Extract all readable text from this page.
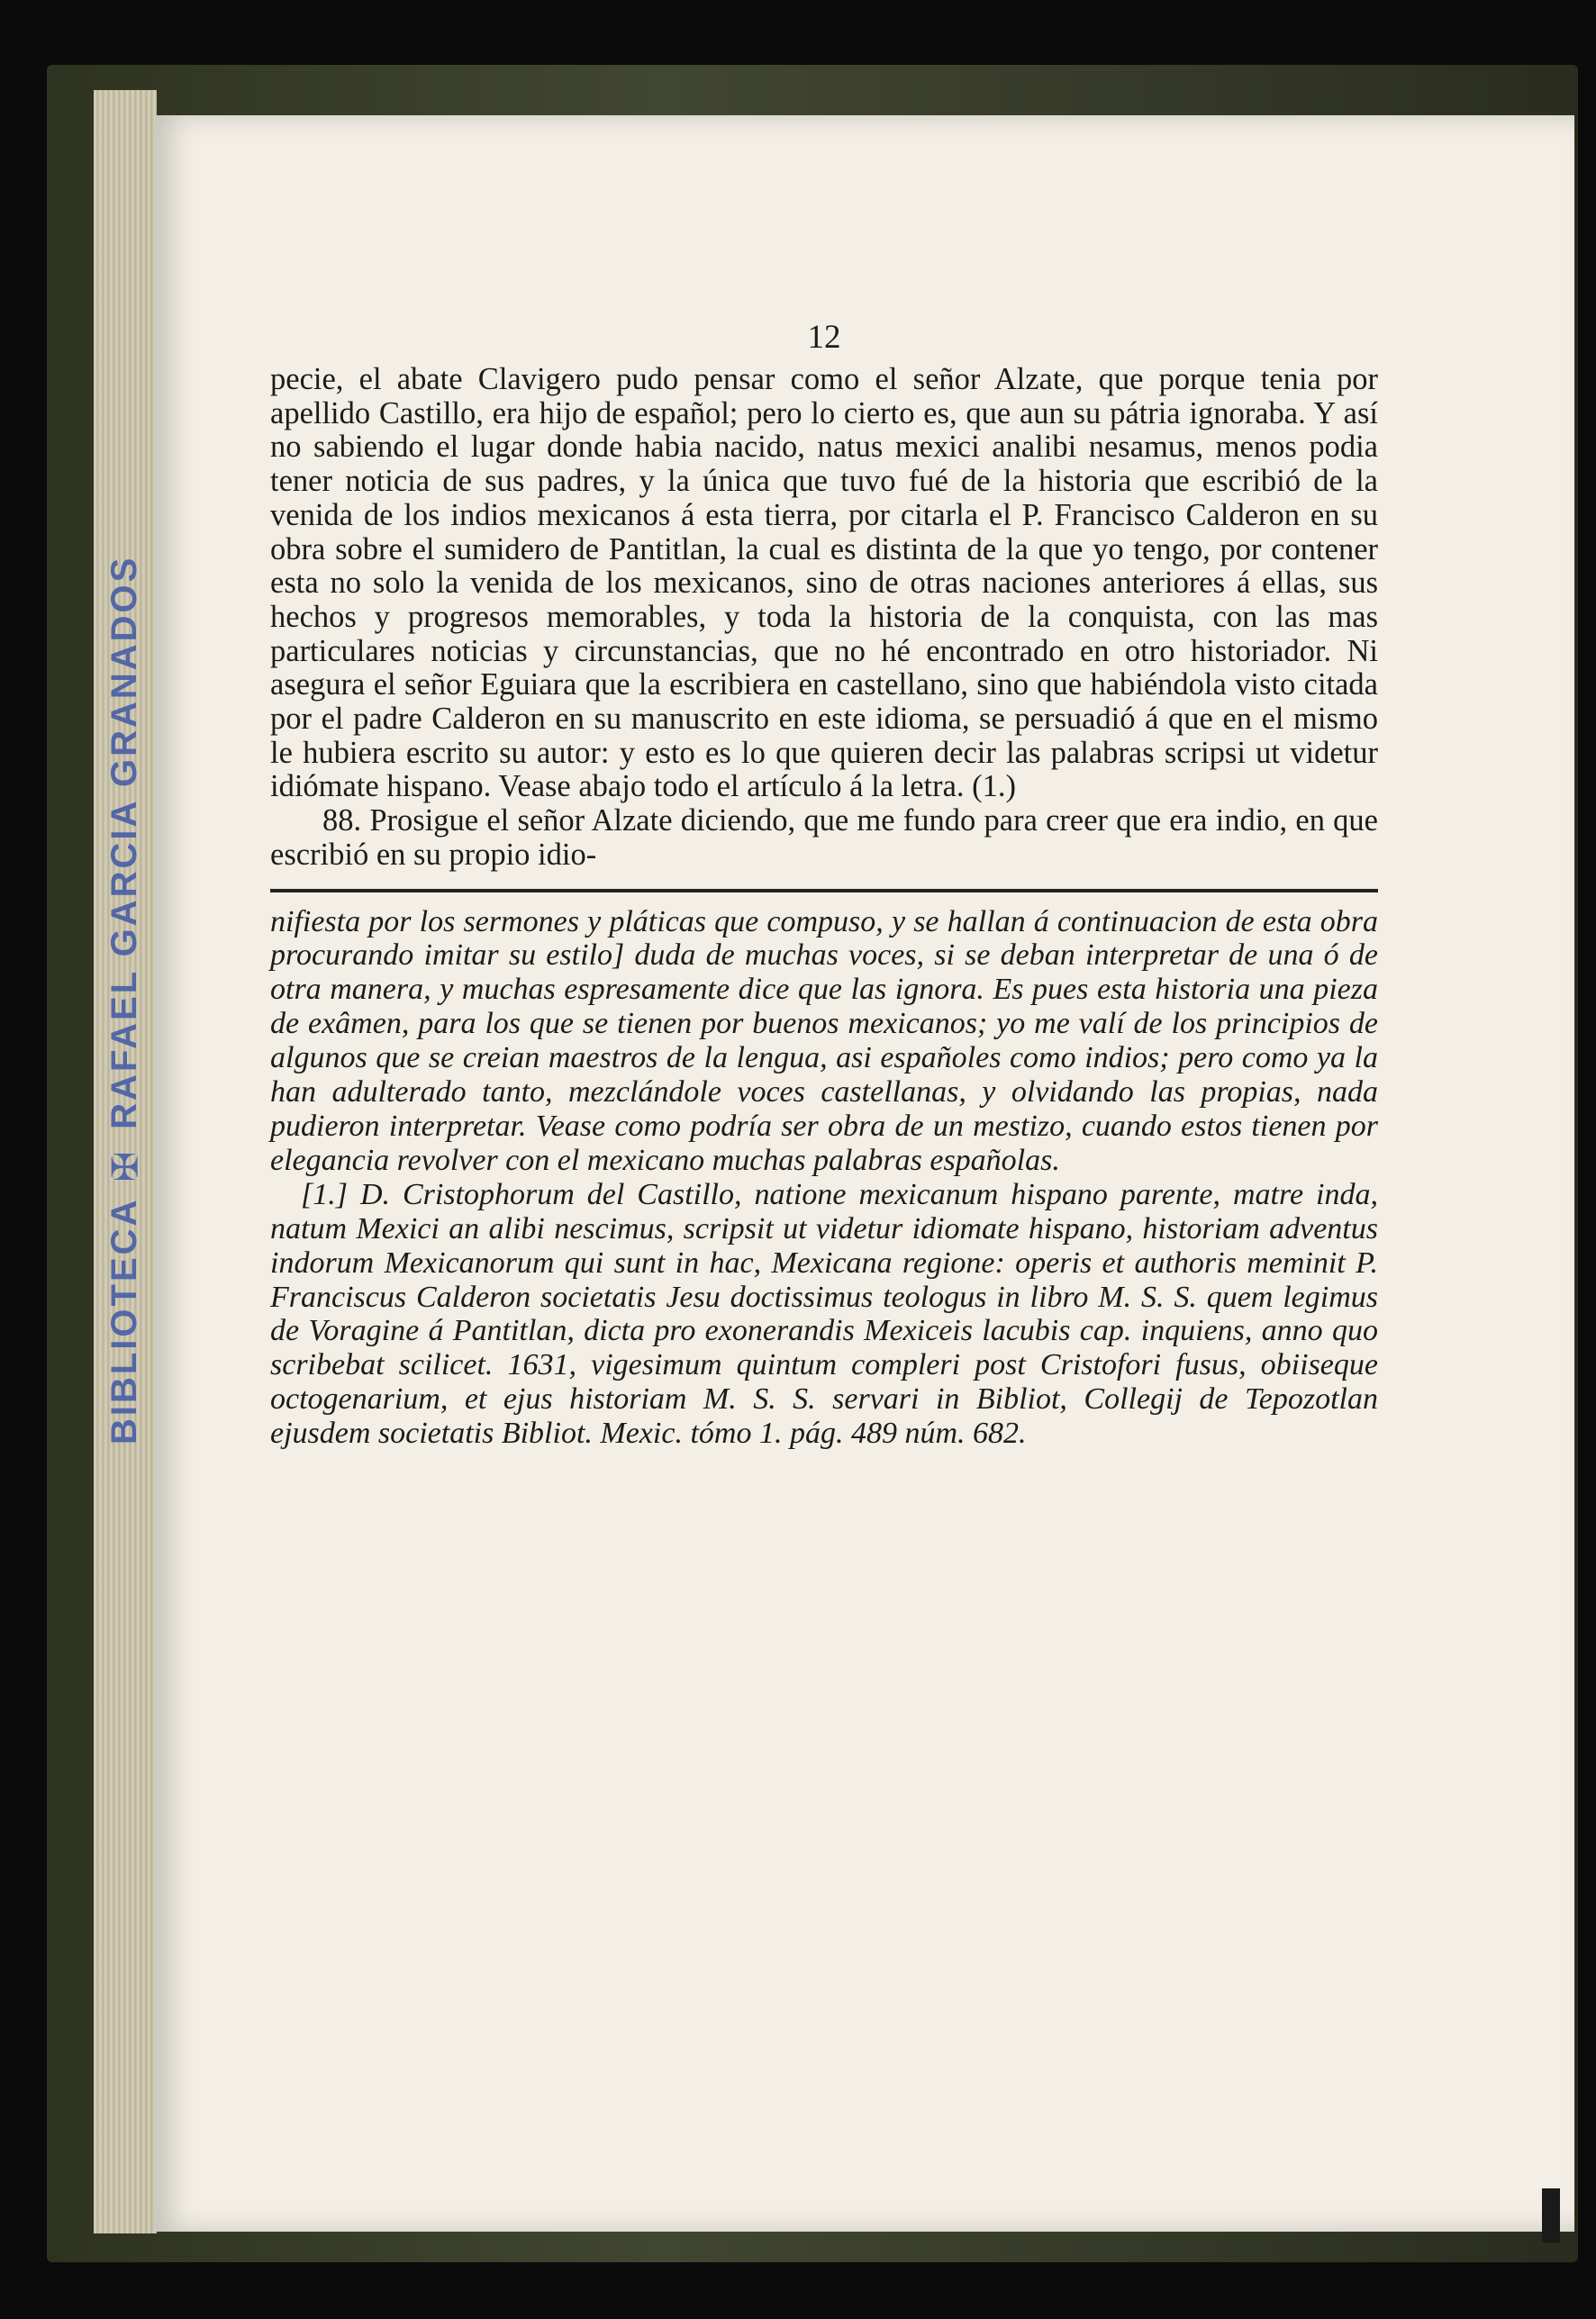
BIBLIOTECA ✠ RAFAEL GARCIA GRANADOS
12

pecie, el abate Clavigero pudo pensar como el señor Alzate, que porque tenia por apellido Castillo, era hijo de español; pero lo cierto es, que aun su pátria ignoraba. Y así no sabiendo el lugar donde habia nacido, natus mexici analibi nesamus, menos podia tener noticia de sus padres, y la única que tuvo fué de la historia que escribió de la venida de los indios mexicanos á esta tierra, por citarla el P. Francisco Calderon en su obra sobre el sumidero de Pantitlan, la cual es distinta de la que yo tengo, por contener esta no solo la venida de los mexicanos, sino de otras naciones anteriores á ellas, sus hechos y progresos memorables, y toda la historia de la conquista, con las mas particulares noticias y circunstancias, que no hé encontrado en otro historiador. Ni asegura el señor Eguiara que la escribiera en castellano, sino que habiéndola visto citada por el padre Calderon en su manuscrito en este idioma, se persuadió á que en el mismo le hubiera escrito su autor: y esto es lo que quieren decir las palabras scripsi ut videtur idiómate hispano. Vease abajo todo el artículo á la letra. (1.)

88. Prosigue el señor Alzate diciendo, que me fundo para creer que era indio, en que escribió en su propio idio-

nifiesta por los sermones y pláticas que compuso, y se hallan á continuacion de esta obra procurando imitar su estilo] duda de muchas voces, si se deban interpretar de una ó de otra manera, y muchas espresamente dice que las ignora. Es pues esta historia una pieza de exâmen, para los que se tienen por buenos mexicanos; yo me valí de los principios de algunos que se creian maestros de la lengua, asi españoles como indios; pero como ya la han adulterado tanto, mezclándole voces castellanas, y olvidando las propias, nada pudieron interpretar. Vease como podría ser obra de un mestizo, cuando estos tienen por elegancia revolver con el mexicano muchas palabras españolas.

[1.] D. Cristophorum del Castillo, natione mexicanum hispano parente, matre inda, natum Mexici an alibi nescimus, scripsit ut videtur idiomate hispano, historiam adventus indorum Mexicanorum qui sunt in hac, Mexicana regione: operis et authoris meminit P. Franciscus Calderon societatis Jesu doctissimus teologus in libro M. S. S. quem legimus de Voragine á Pantitlan, dicta pro exonerandis Mexiceis lacubis cap. inquiens, anno quo scribebat scilicet. 1631, vigesimum quintum compleri post Cristofori fusus, obiiseque octogenarium, et ejus historiam M. S. S. servari in Bibliot, Collegij de Tepozotlan ejusdem societatis Bibliot. Mexic. tómo 1. pág. 489 núm. 682.
